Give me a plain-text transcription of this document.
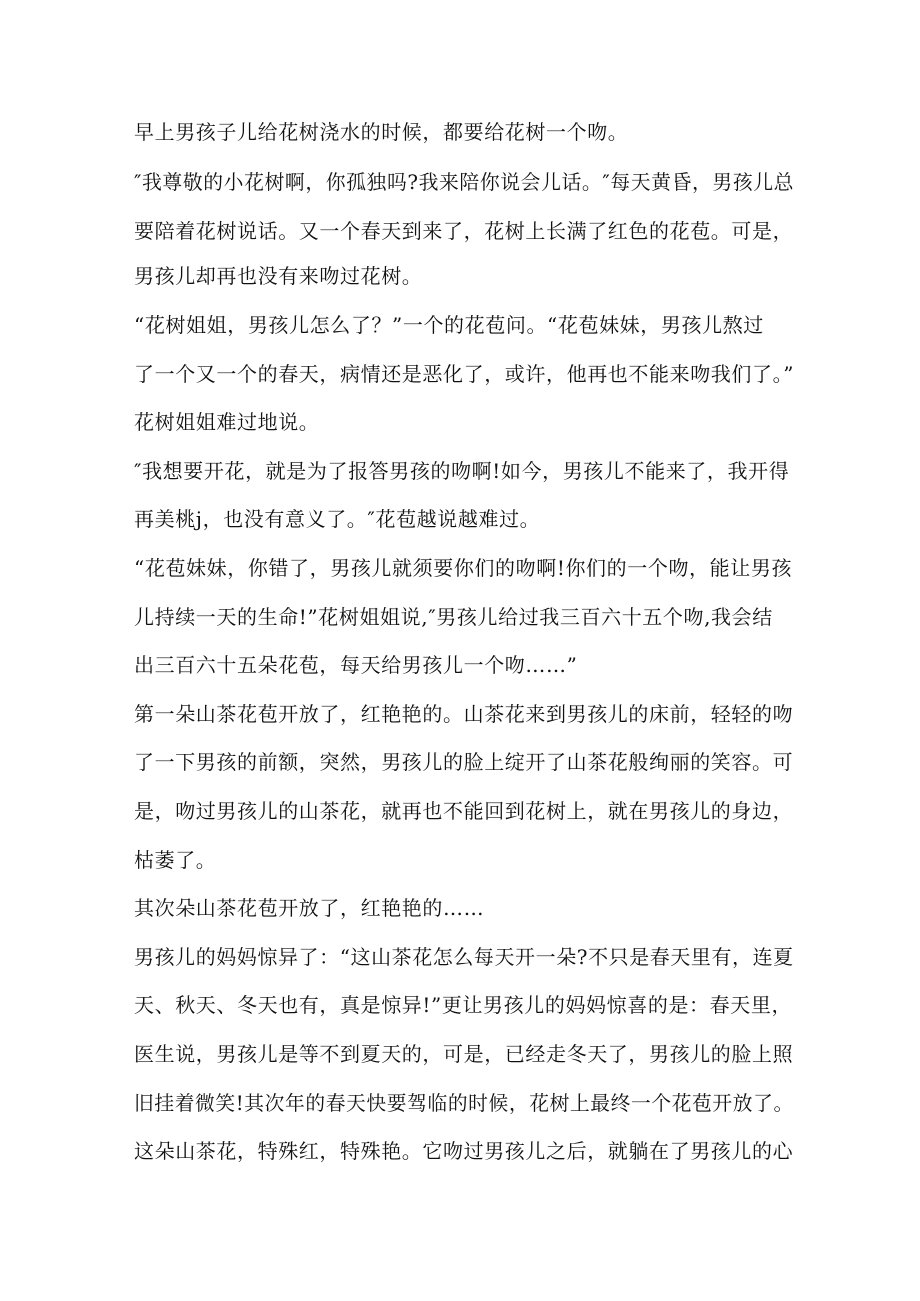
早上男孩子儿给花树浇水的时候，都要给花树一个吻。
″我尊敬的小花树啊，你孤独吗?我来陪你说会儿话。″每天黄昏，男孩儿总
要陪着花树说话。又一个春天到来了，花树上长满了红色的花苞。可是，
男孩儿却再也没有来吻过花树。
“花树姐姐，男孩儿怎么了？”一个的花苞问。“花苞妹妹，男孩儿熬过
了一个又一个的春天，病情还是恶化了，或许，他再也不能来吻我们了。”
花树姐姐难过地说。
″我想要开花，就是为了报答男孩的吻啊!如今，男孩儿不能来了，我开得
再美桃j，也没有意义了。″花苞越说越难过。
“花苞妹妹，你错了，男孩儿就须要你们的吻啊!你们的一个吻，能让男孩
儿持续一天的生命!”花树姐姐说,″男孩儿给过我三百六十五个吻,我会结
出三百六十五朵花苞，每天给男孩儿一个吻……”
第一朵山茶花苞开放了，红艳艳的。山茶花来到男孩儿的床前，轻轻的吻
了一下男孩的前额，突然，男孩儿的脸上绽开了山茶花般绚丽的笑容。可
是，吻过男孩儿的山茶花，就再也不能回到花树上，就在男孩儿的身边，
枯萎了。
其次朵山茶花苞开放了，红艳艳的……
男孩儿的妈妈惊异了：“这山茶花怎么每天开一朵?不只是春天里有，连夏
天、秋天、冬天也有，真是惊异!”更让男孩儿的妈妈惊喜的是：春天里，
医生说，男孩儿是等不到夏天的，可是，已经走冬天了，男孩儿的脸上照
旧挂着微笑!其次年的春天快要驾临的时候，花树上最终一个花苞开放了。
这朵山茶花，特殊红，特殊艳。它吻过男孩儿之后，就躺在了男孩儿的心
